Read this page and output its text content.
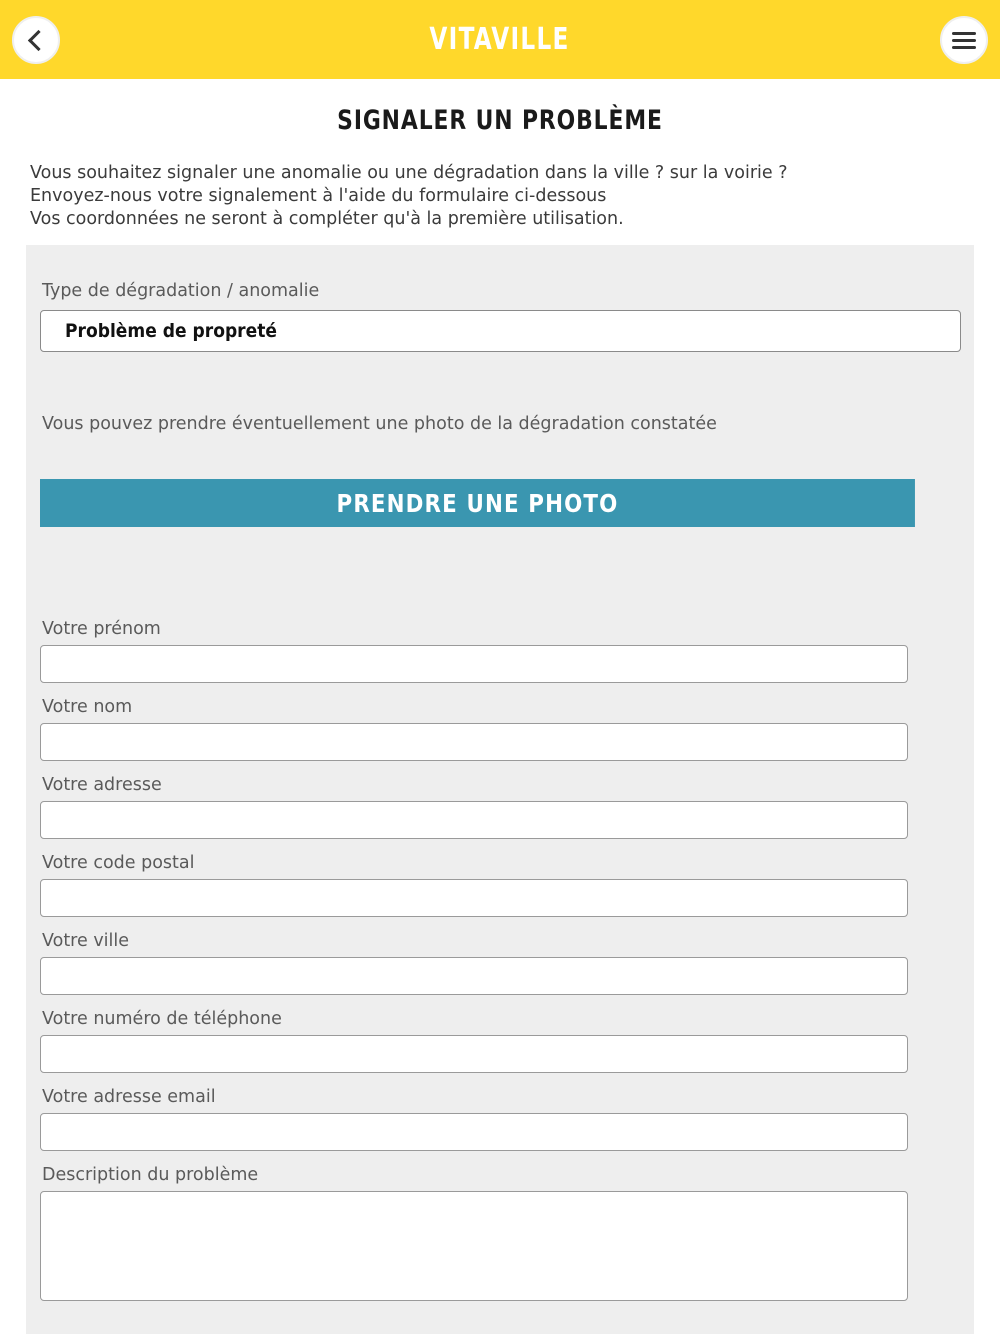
VITAVILLE
SIGNALER UN PROBLÈME
Vous souhaitez signaler une anomalie ou une dégradation dans la ville ? sur la voirie ?
Envoyez-nous votre signalement à l'aide du formulaire ci-dessous
Vos coordonnées ne seront à compléter qu'à la première utilisation.
Type de dégradation / anomalie
Problème de propreté
Vous pouvez prendre éventuellement une photo de la dégradation constatée
PRENDRE UNE PHOTO
Votre prénom
Votre nom
Votre adresse
Votre code postal
Votre ville
Votre numéro de téléphone
Votre adresse email
Description du problème
